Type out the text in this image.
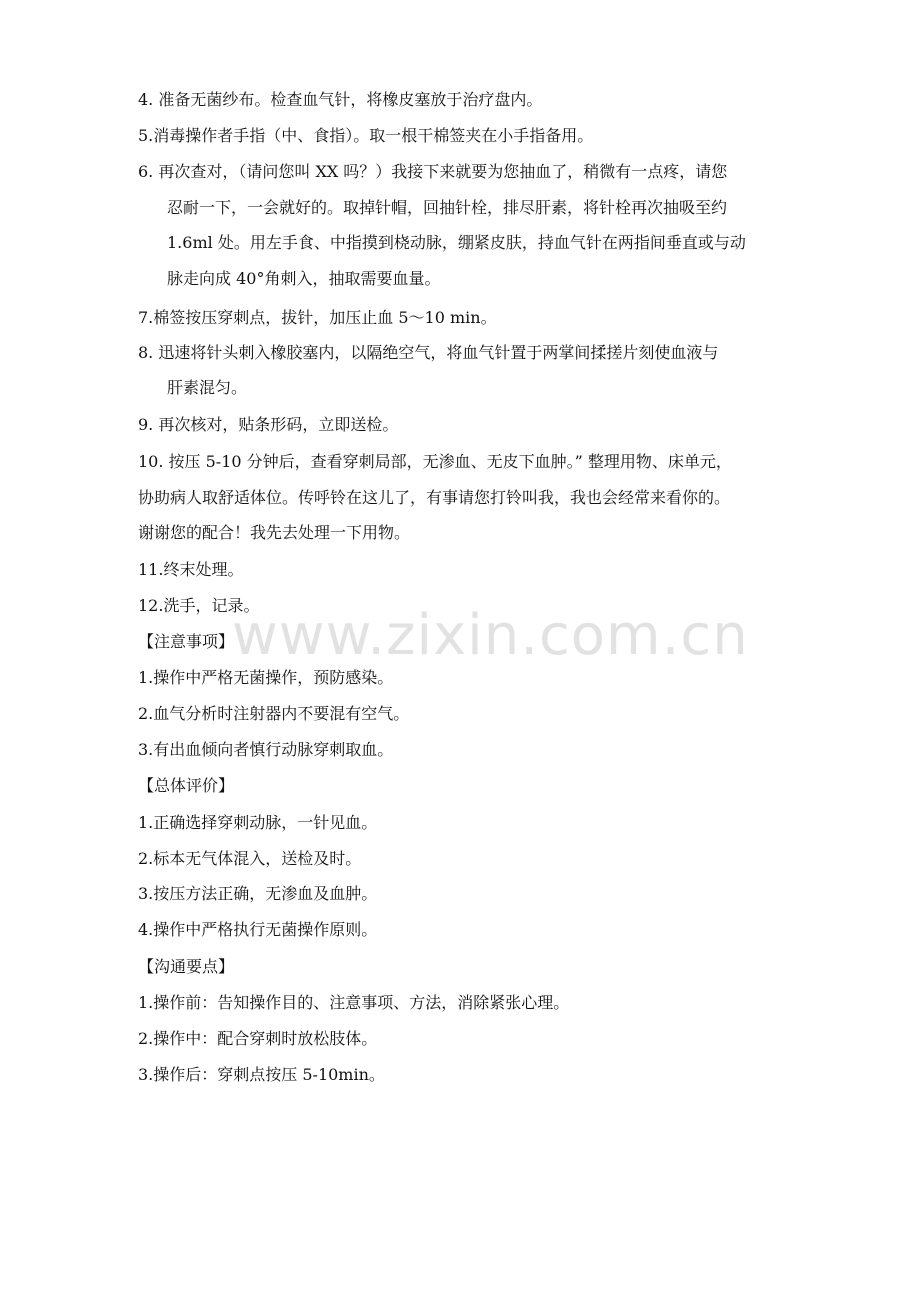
4. 准备无菌纱布。检查血气针，将橡皮塞放于治疗盘内。
5.消毒操作者手指（中、食指）。取一根干棉签夹在小手指备用。
6. 再次查对，（请问您叫 XX 吗？）我接下来就要为您抽血了，稍微有一点疼，请您
忍耐一下，一会就好的。取掉针帽，回抽针栓，排尽肝素，将针栓再次抽吸至约
1.6ml 处。用左手食、中指摸到桡动脉，绷紧皮肤，持血气针在两指间垂直或与动
脉走向成 40°角刺入，抽取需要血量。
7.棉签按压穿刺点，拔针，加压止血 5～10 min。
8. 迅速将针头刺入橡胶塞内，以隔绝空气，将血气针置于两掌间揉搓片刻使血液与
肝素混匀。
9. 再次核对，贴条形码，立即送检。
10. 按压 5-10 分钟后，查看穿刺局部，无渗血、无皮下血肿。” 整理用物、床单元，
协助病人取舒适体位。传呼铃在这儿了，有事请您打铃叫我，我也会经常来看你的。
谢谢您的配合！我先去处理一下用物。
11.终末处理。
12.洗手，记录。
【注意事项】
1.操作中严格无菌操作，预防感染。
2.血气分析时注射器内不要混有空气。
3.有出血倾向者慎行动脉穿刺取血。
【总体评价】
1.正确选择穿刺动脉，一针见血。
2.标本无气体混入，送检及时。
3.按压方法正确，无渗血及血肿。
4.操作中严格执行无菌操作原则。
【沟通要点】
1.操作前：告知操作目的、注意事项、方法，消除紧张心理。
2.操作中：配合穿刺时放松肢体。
3.操作后：穿刺点按压 5-10min。
www.zixin.com.cn
